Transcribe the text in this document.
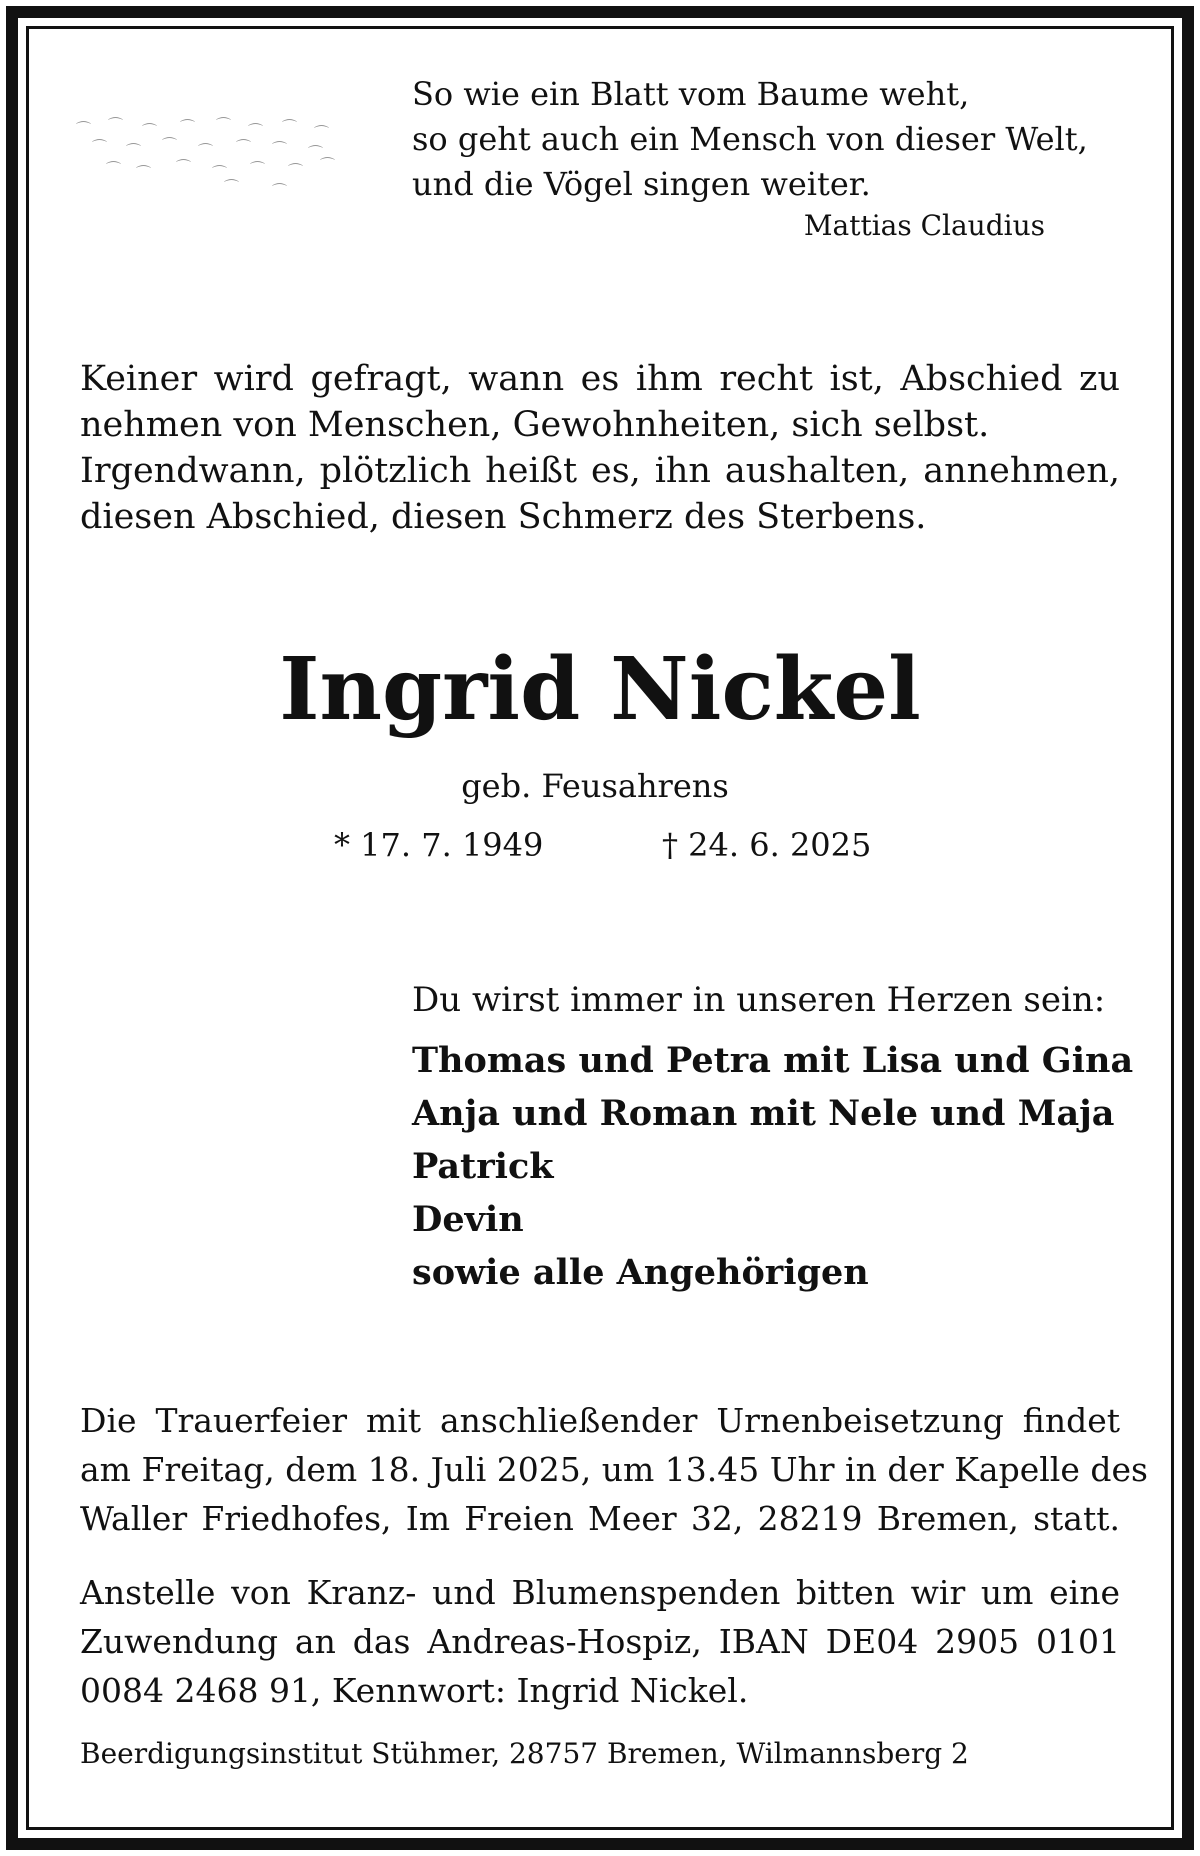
⌒ ⌒ ⌒ ⌒ ⌒ ⌒ ⌒ ⌒
⌒ ⌒ ⌒ ⌒ ⌒ ⌒ ⌒
⌒ ⌒ ⌒ ⌒ ⌒ ⌒ ⌒
⌒ ⌒
So wie ein Blatt vom Baume weht,
so geht auch ein Mensch von dieser Welt,
und die Vögel singen weiter.
Mattias Claudius
Keiner wird gefragt, wann es ihm recht ist, Abschied zu
nehmen von Menschen, Gewohnheiten, sich selbst.
Irgendwann, plötzlich heißt es, ihn aushalten, annehmen,
diesen Abschied, diesen Schmerz des Sterbens.
Ingrid Nickel
geb. Feusahrens
* 17. 7. 1949	† 24. 6. 2025
Du wirst immer in unseren Herzen sein:
Thomas und Petra mit Lisa und Gina
Anja und Roman mit Nele und Maja
Patrick
Devin
sowie alle Angehörigen
Die Trauerfeier mit anschließender Urnenbeisetzung findet
am Freitag, dem 18. Juli 2025, um 13.45 Uhr in der Kapelle des
Waller Friedhofes, Im Freien Meer 32, 28219 Bremen, statt.
Anstelle von Kranz- und Blumenspenden bitten wir um eine
Zuwendung an das Andreas-Hospiz, IBAN DE04 2905 0101
0084 2468 91, Kennwort: Ingrid Nickel.
Beerdigungsinstitut Stühmer, 28757 Bremen, Wilmannsberg 2
